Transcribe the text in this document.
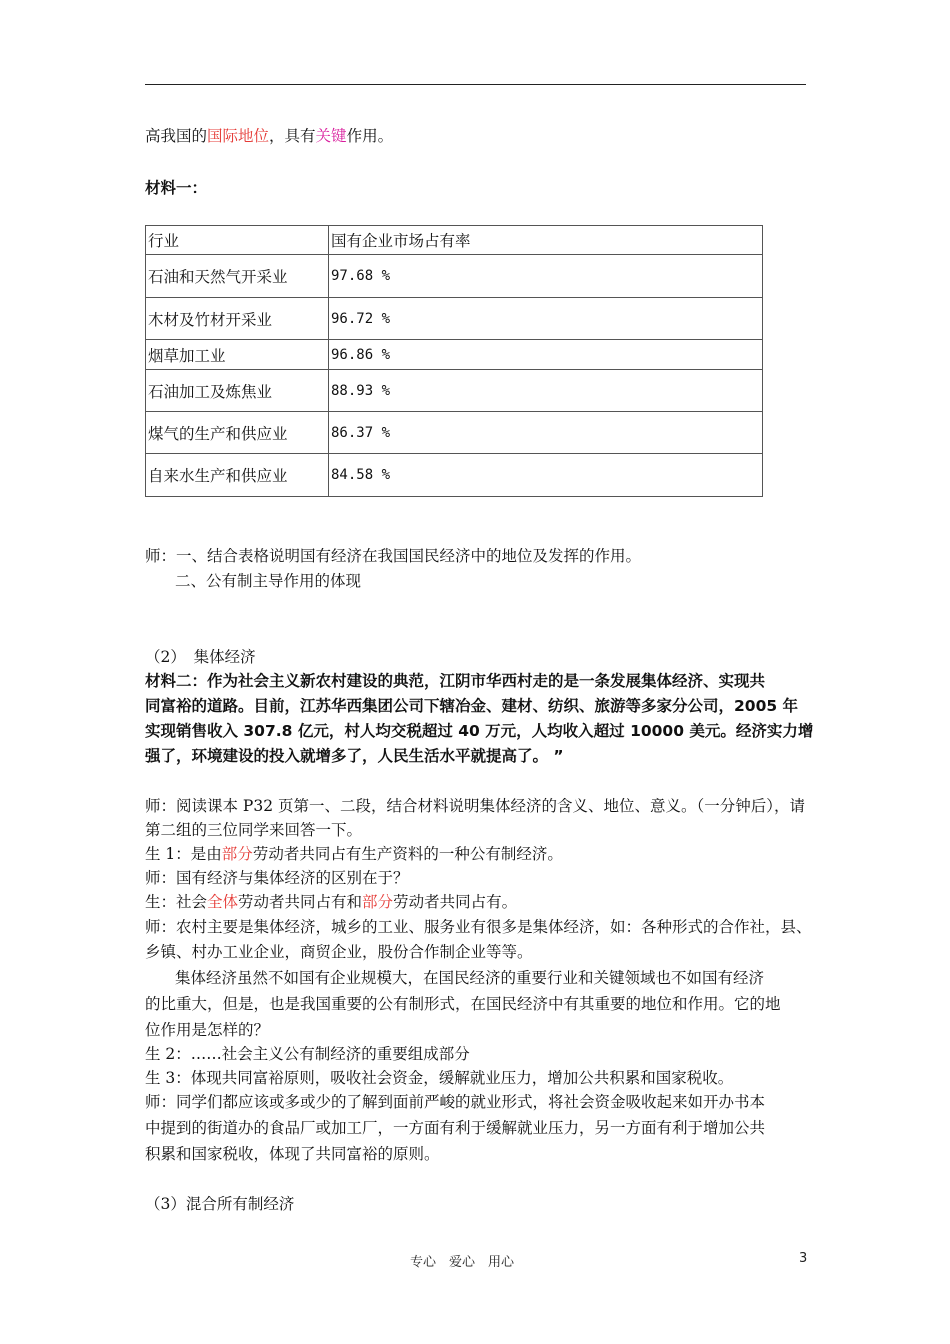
高我国的国际地位，具有关键作用。
材料一：
行业	国有企业市场占有率
石油和天然气开采业	97.68 %
木材及竹材开采业	96.72 %
烟草加工业	96.86 %
石油加工及炼焦业	88.93 %
煤气的生产和供应业	86.37 %
自来水生产和供应业	84.58 %
师：一、结合表格说明国有经济在我国国民经济中的地位及发挥的作用。
二、公有制主导作用的体现
（2）　集体经济
材料二：作为社会主义新农村建设的典范，江阴市华西村走的是一条发展集体经济、实现共
同富裕的道路。目前，江苏华西集团公司下辖冶金、建材、纺织、旅游等多家分公司，2005 年
实现销售收入 307.8 亿元，村人均交税超过 40 万元，人均收入超过 10000 美元。经济实力增
强了，环境建设的投入就增多了，人民生活水平就提高了。 ”
师：阅读课本 P32 页第一、二段，结合材料说明集体经济的含义、地位、意义。（一分钟后），请
第二组的三位同学来回答一下。
生 1：是由部分劳动者共同占有生产资料的一种公有制经济。
师：国有经济与集体经济的区别在于？
生：社会全体劳动者共同占有和部分劳动者共同占有。
师：农村主要是集体经济，城乡的工业、服务业有很多是集体经济，如：各种形式的合作社，县、
乡镇、村办工业企业，商贸企业，股份合作制企业等等。
集体经济虽然不如国有企业规模大，在国民经济的重要行业和关键领域也不如国有经济
的比重大，但是，也是我国重要的公有制形式，在国民经济中有其重要的地位和作用。它的地
位作用是怎样的？
生 2：……社会主义公有制经济的重要组成部分
生 3：体现共同富裕原则，吸收社会资金，缓解就业压力，增加公共积累和国家税收。
师：同学们都应该或多或少的了解到面前严峻的就业形式，将社会资金吸收起来如开办书本
中提到的街道办的食品厂或加工厂，一方面有利于缓解就业压力，另一方面有利于增加公共
积累和国家税收，体现了共同富裕的原则。
（3）混合所有制经济
专心　爱心　用心	3
